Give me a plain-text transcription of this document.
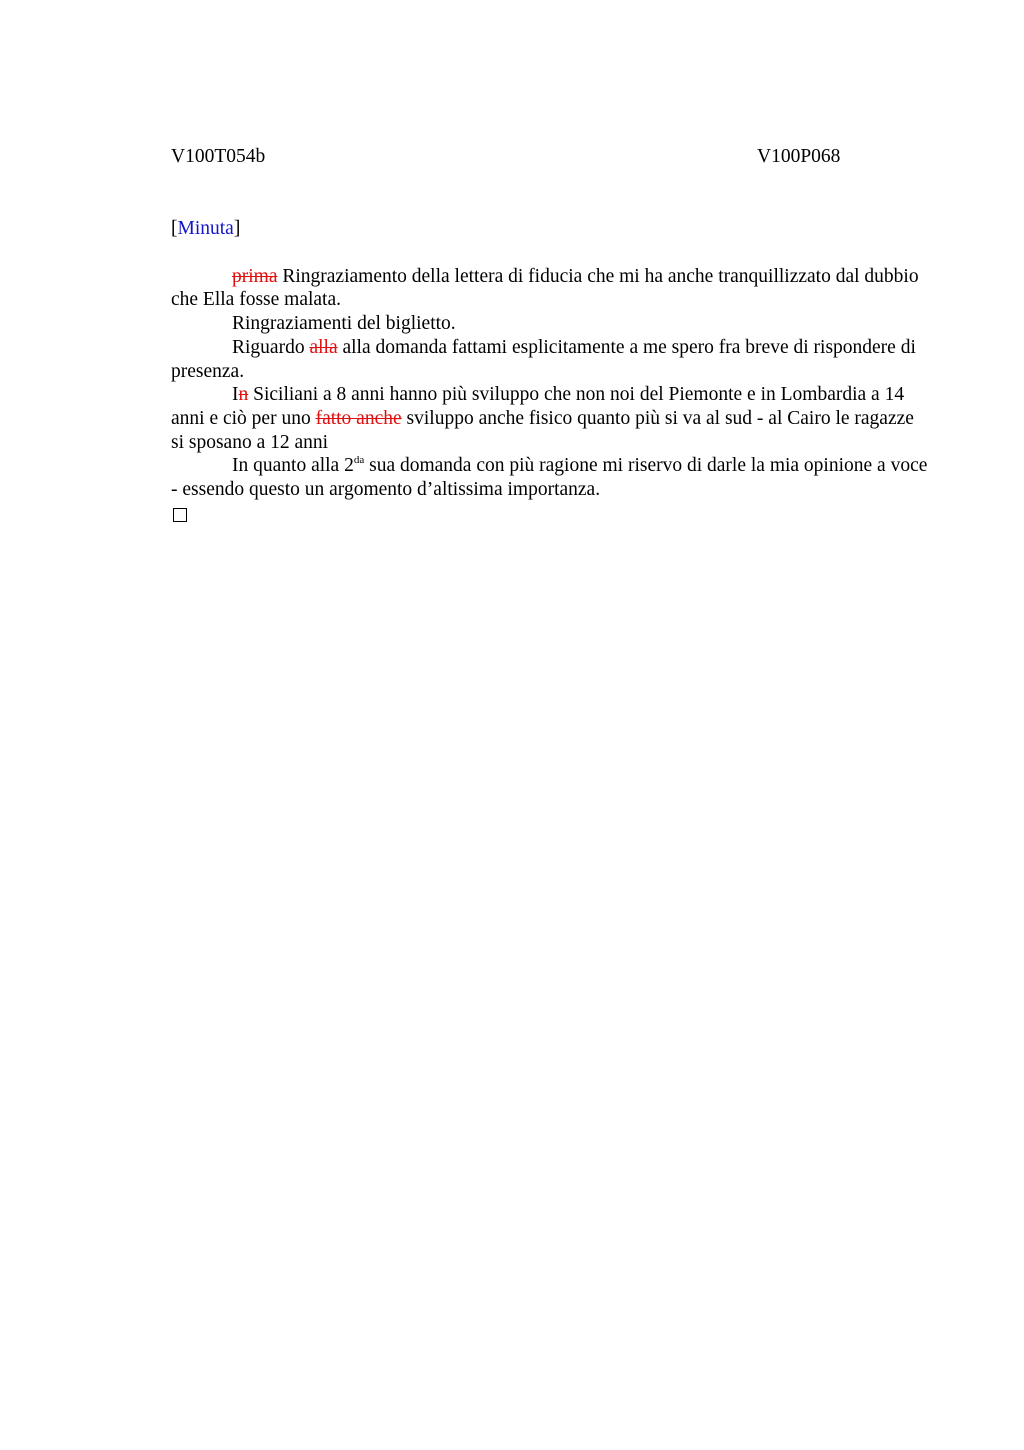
V100T054b	V100P068
[Minuta]

prima Ringraziamento della lettera di fiducia che mi ha anche tranquillizzato dal dubbio che Ella fosse malata.

Ringraziamenti del biglietto.

Riguardo alla alla domanda fattami esplicitamente a me spero fra breve di rispondere di presenza.

In Siciliani a 8 anni hanno più sviluppo che non noi del Piemonte e in Lombardia a 14 anni e ciò per uno fatto anche sviluppo anche fisico quanto più si va al sud - al Cairo le ragazze si sposano a 12 anni

In quanto alla $2^{da}$ sua domanda con più ragione mi riservo di darle la mia opinione a voce - essendo questo un argomento d’altissima importanza.
